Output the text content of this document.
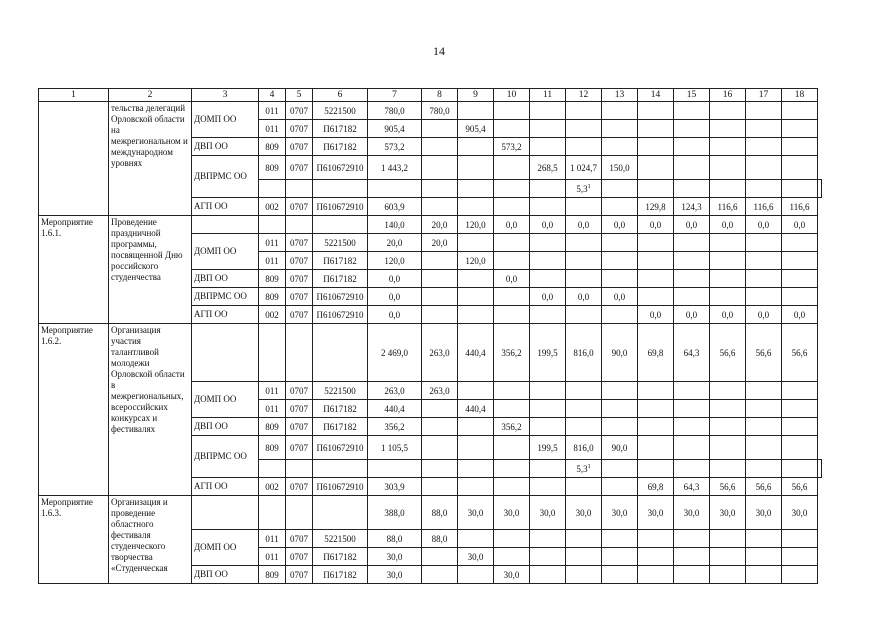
14
1	2	3	4	5	6	7	8	9	10	11	12	13	14	15	16	17	18	
	тельства делегаций Орловской области на межрегиональном и международном уровнях	ДОМП ОО	011	0707	5221500	780,0	780,0											
			011	0707	П617182	905,4		905,4										
		ДВП ОО	809	0707	П617182	573,2			573,2									
		ДВПРМС ОО	809	0707	П610672910	1 443,2				268,5	1 024,7	150,0						
											$5,3^1$							
		АГП ОО	002	0707	П610672910	603,9							129,8	124,3	116,6	116,6	116,6	
Мероприятие 1.6.1.	Проведение праздничной программы, посвященной Дню российского студенчества					140,0	20,0	120,0	0,0	0,0	0,0	0,0	0,0	0,0	0,0	0,0	0,0	
		ДОМП ОО	011	0707	5221500	20,0	20,0											
			011	0707	П617182	120,0		120,0										
		ДВП ОО	809	0707	П617182	0,0			0,0									
		ДВПРМС ОО	809	0707	П610672910	0,0				0,0	0,0	0,0						
		АГП ОО	002	0707	П610672910	0,0							0,0	0,0	0,0	0,0	0,0	
Мероприятие 1.6.2.	Организация участия талантливой молодежи Орловской области в межрегиональных, всероссийских конкурсах и фестивалях					2 469,0	263,0	440,4	356,2	199,5	816,0	90,0	69,8	64,3	56,6	56,6	56,6	
		ДОМП ОО	011	0707	5221500	263,0	263,0											
			011	0707	П617182	440,4		440,4										
		ДВП ОО	809	0707	П617182	356,2			356,2									
		ДВПРМС ОО	809	0707	П610672910	1 105,5				199,5	816,0	90,0						
											$5,3^1$							
		АГП ОО	002	0707	П610672910	303,9							69,8	64,3	56,6	56,6	56,6	
Мероприятие 1.6.3.	Организация и проведение областного фестиваля студенческого творчества «Студенческая					388,0	88,0	30,0	30,0	30,0	30,0	30,0	30,0	30,0	30,0	30,0	30,0	
		ДОМП ОО	011	0707	5221500	88,0	88,0											
			011	0707	П617182	30,0		30,0										
		ДВП ОО	809	0707	П617182	30,0			30,0									
